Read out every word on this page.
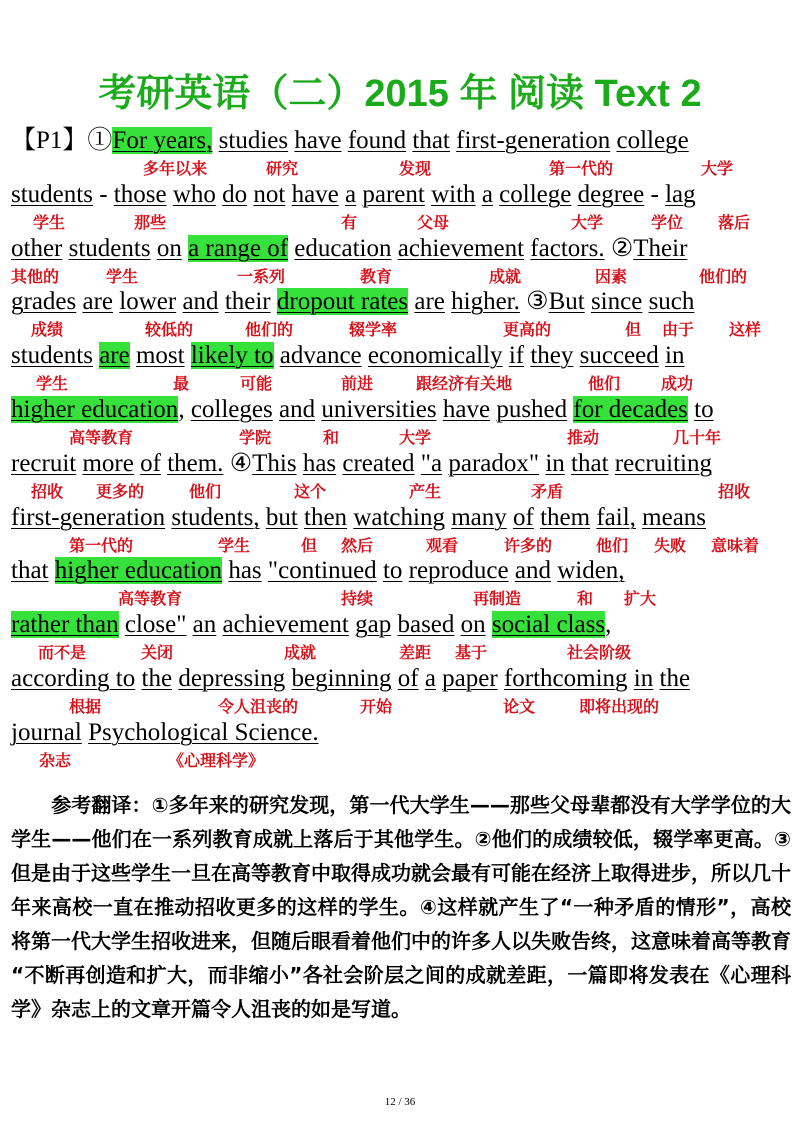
考研英语（二）2015 年 阅读 Text 2
【P1】①For years, studies have found that first-generation college
多年以来	研究	发现	第一代的	大学
students - those who do not have a parent with a college degree - lag
学生	那些	有	父母	大学	学位 落后
other students on a range of education achievement factors. ②Their
其他的	学生	一系列	教育	成就	因素	他们的
grades are lower and their dropout rates are higher. ③But since such
成绩	较低的	他们的	辍学率	更高的	但 由于 这样
students are most likely to advance economically if they succeed in
学生	最	可能	前进	跟经济有关地	他们	成功
higher education, colleges and universities have pushed for decades to
高等教育	学院	和	大学	推动	几十年
recruit more of them. ④This has created "a paradox" in that recruiting
招收 更多的	他们	这个	产生	矛盾	招收
first-generation students, but then watching many of them fail, means
第一代的	学生	但 然后	观看	许多的	他们 失败 意味着
that higher education has "continued to reproduce and widen,
高等教育	持续	再制造	和 扩大
rather than close" an achievement gap based on social class,
而不是	关闭	成就	差距 基于	社会阶级
according to the depressing beginning of a paper forthcoming in the
根据	令人沮丧的	开始	论文	即将出现的
journal Psychological Science.
杂志	《心理科学》

　　参考翻译：①多年来的研究发现，第一代大学生——那些父母辈都没有大学学位的大学生——他们在一系列教育成就上落后于其他学生。②他们的成绩较低，辍学率更高。③但是由于这些学生一旦在高等教育中取得成功就会最有可能在经济上取得进步，所以几十年来高校一直在推动招收更多的这样的学生。④这样就产生了“一种矛盾的情形”，高校将第一代大学生招收进来，但随后眼看着他们中的许多人以失败告终，这意味着高等教育 “不断再创造和扩大，而非缩小”各社会阶层之间的成就差距，一篇即将发表在《心理科学》杂志上的文章开篇令人沮丧的如是写道。

12 / 36
